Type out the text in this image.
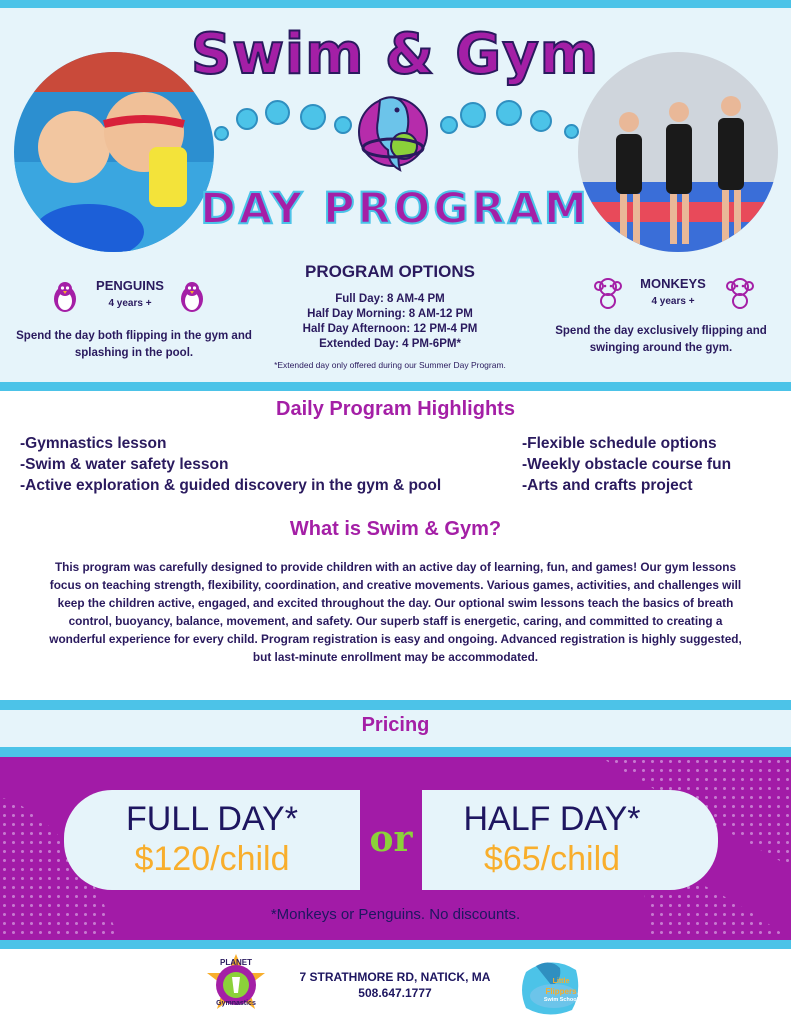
Swim & Gym
DAY PROGRAM
PENGUINS
4 years +
Spend the day both flipping in the gym and
splashing in the pool.
PROGRAM OPTIONS
Full Day: 8 AM-4 PM
Half Day Morning: 8 AM-12 PM
Half Day Afternoon: 12 PM-4 PM
Extended Day: 4 PM-6PM*
*Extended day only offered during our Summer Day Program.
MONKEYS
4 years +
Spend the day exclusively flipping and
swinging around the gym.
Daily Program Highlights
-Gymnastics lesson
-Swim & water safety lesson
-Active exploration & guided discovery in the gym & pool
-Flexible schedule options
-Weekly obstacle course fun
-Arts and crafts project
What is Swim & Gym?
This program was carefully designed to provide children with an active day of learning, fun, and games! Our gym lessons
focus on teaching strength, flexibility, coordination, and creative movements. Various games, activities, and challenges will
keep the children active, engaged, and excited throughout the day. Our optional swim lessons teach the basics of breath
control, buoyancy, balance, movement, and safety. Our superb staff is energetic, caring, and committed to creating a
wonderful experience for every child. Program registration is easy and ongoing. Advanced registration is highly suggested,
but last-minute enrollment may be accommodated.
Pricing
FULL DAY*
$120/child	or	HALF DAY*
$65/child
*Monkeys or Penguins. No discounts.
PLANET
Gymnastics
7 STRATHMORE RD, NATICK, MA
508.647.1777
Little
Flippers
Swim School
